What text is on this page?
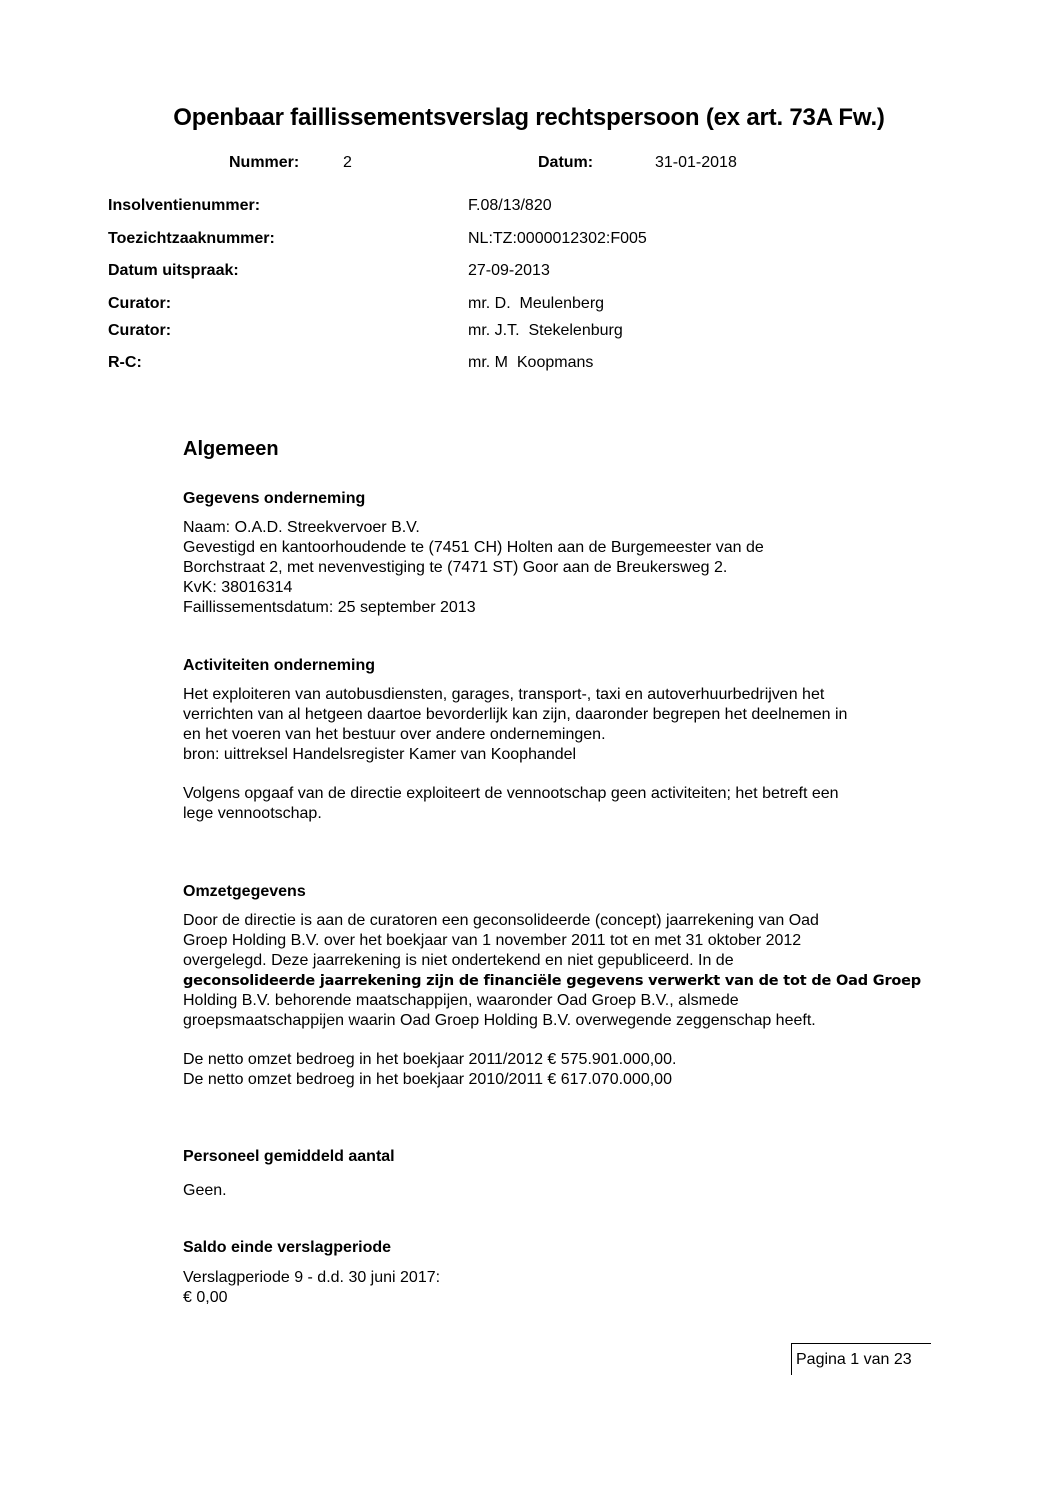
Openbaar faillissementsverslag rechtspersoon (ex art. 73A Fw.)
Nummer:	2	Datum:	31-01-2018
Insolventienummer:	F.08/13/820
Toezichtzaaknummer:	NL:TZ:0000012302:F005
Datum uitspraak:	27-09-2013
Curator:	mr. D.  Meulenberg
Curator:	mr. J.T.  Stekelenburg
R-C:	mr. M  Koopmans
Algemeen
Gegevens onderneming
Naam: O.A.D. Streekvervoer B.V.
Gevestigd en kantoorhoudende te (7451 CH) Holten aan de Burgemeester van de
Borchstraat 2, met nevenvestiging te (7471 ST) Goor aan de Breukersweg 2.
KvK: 38016314
Faillissementsdatum: 25 september 2013
Activiteiten onderneming
Het exploiteren van autobusdiensten, garages, transport-, taxi en autoverhuurbedrijven het
verrichten van al hetgeen daartoe bevorderlijk kan zijn, daaronder begrepen het deelnemen in
en het voeren van het bestuur over andere ondernemingen.
bron: uittreksel Handelsregister Kamer van Koophandel
Volgens opgaaf van de directie exploiteert de vennootschap geen activiteiten; het betreft een
lege vennootschap.
Omzetgegevens
Door de directie is aan de curatoren een geconsolideerde (concept) jaarrekening van Oad
Groep Holding B.V. over het boekjaar van 1 november 2011 tot en met 31 oktober 2012
overgelegd. Deze jaarrekening is niet ondertekend en niet gepubliceerd. In de
geconsolideerde jaarrekening zijn de financiële gegevens verwerkt van de tot de Oad Groep
Holding B.V. behorende maatschappijen, waaronder Oad Groep B.V., alsmede
groepsmaatschappijen waarin Oad Groep Holding B.V. overwegende zeggenschap heeft.
De netto omzet bedroeg in het boekjaar 2011/2012 € 575.901.000,00.
De netto omzet bedroeg in het boekjaar 2010/2011 € 617.070.000,00
Personeel gemiddeld aantal
Geen.
Saldo einde verslagperiode
Verslagperiode 9 - d.d. 30 juni 2017:
€ 0,00
Pagina 1 van 23
